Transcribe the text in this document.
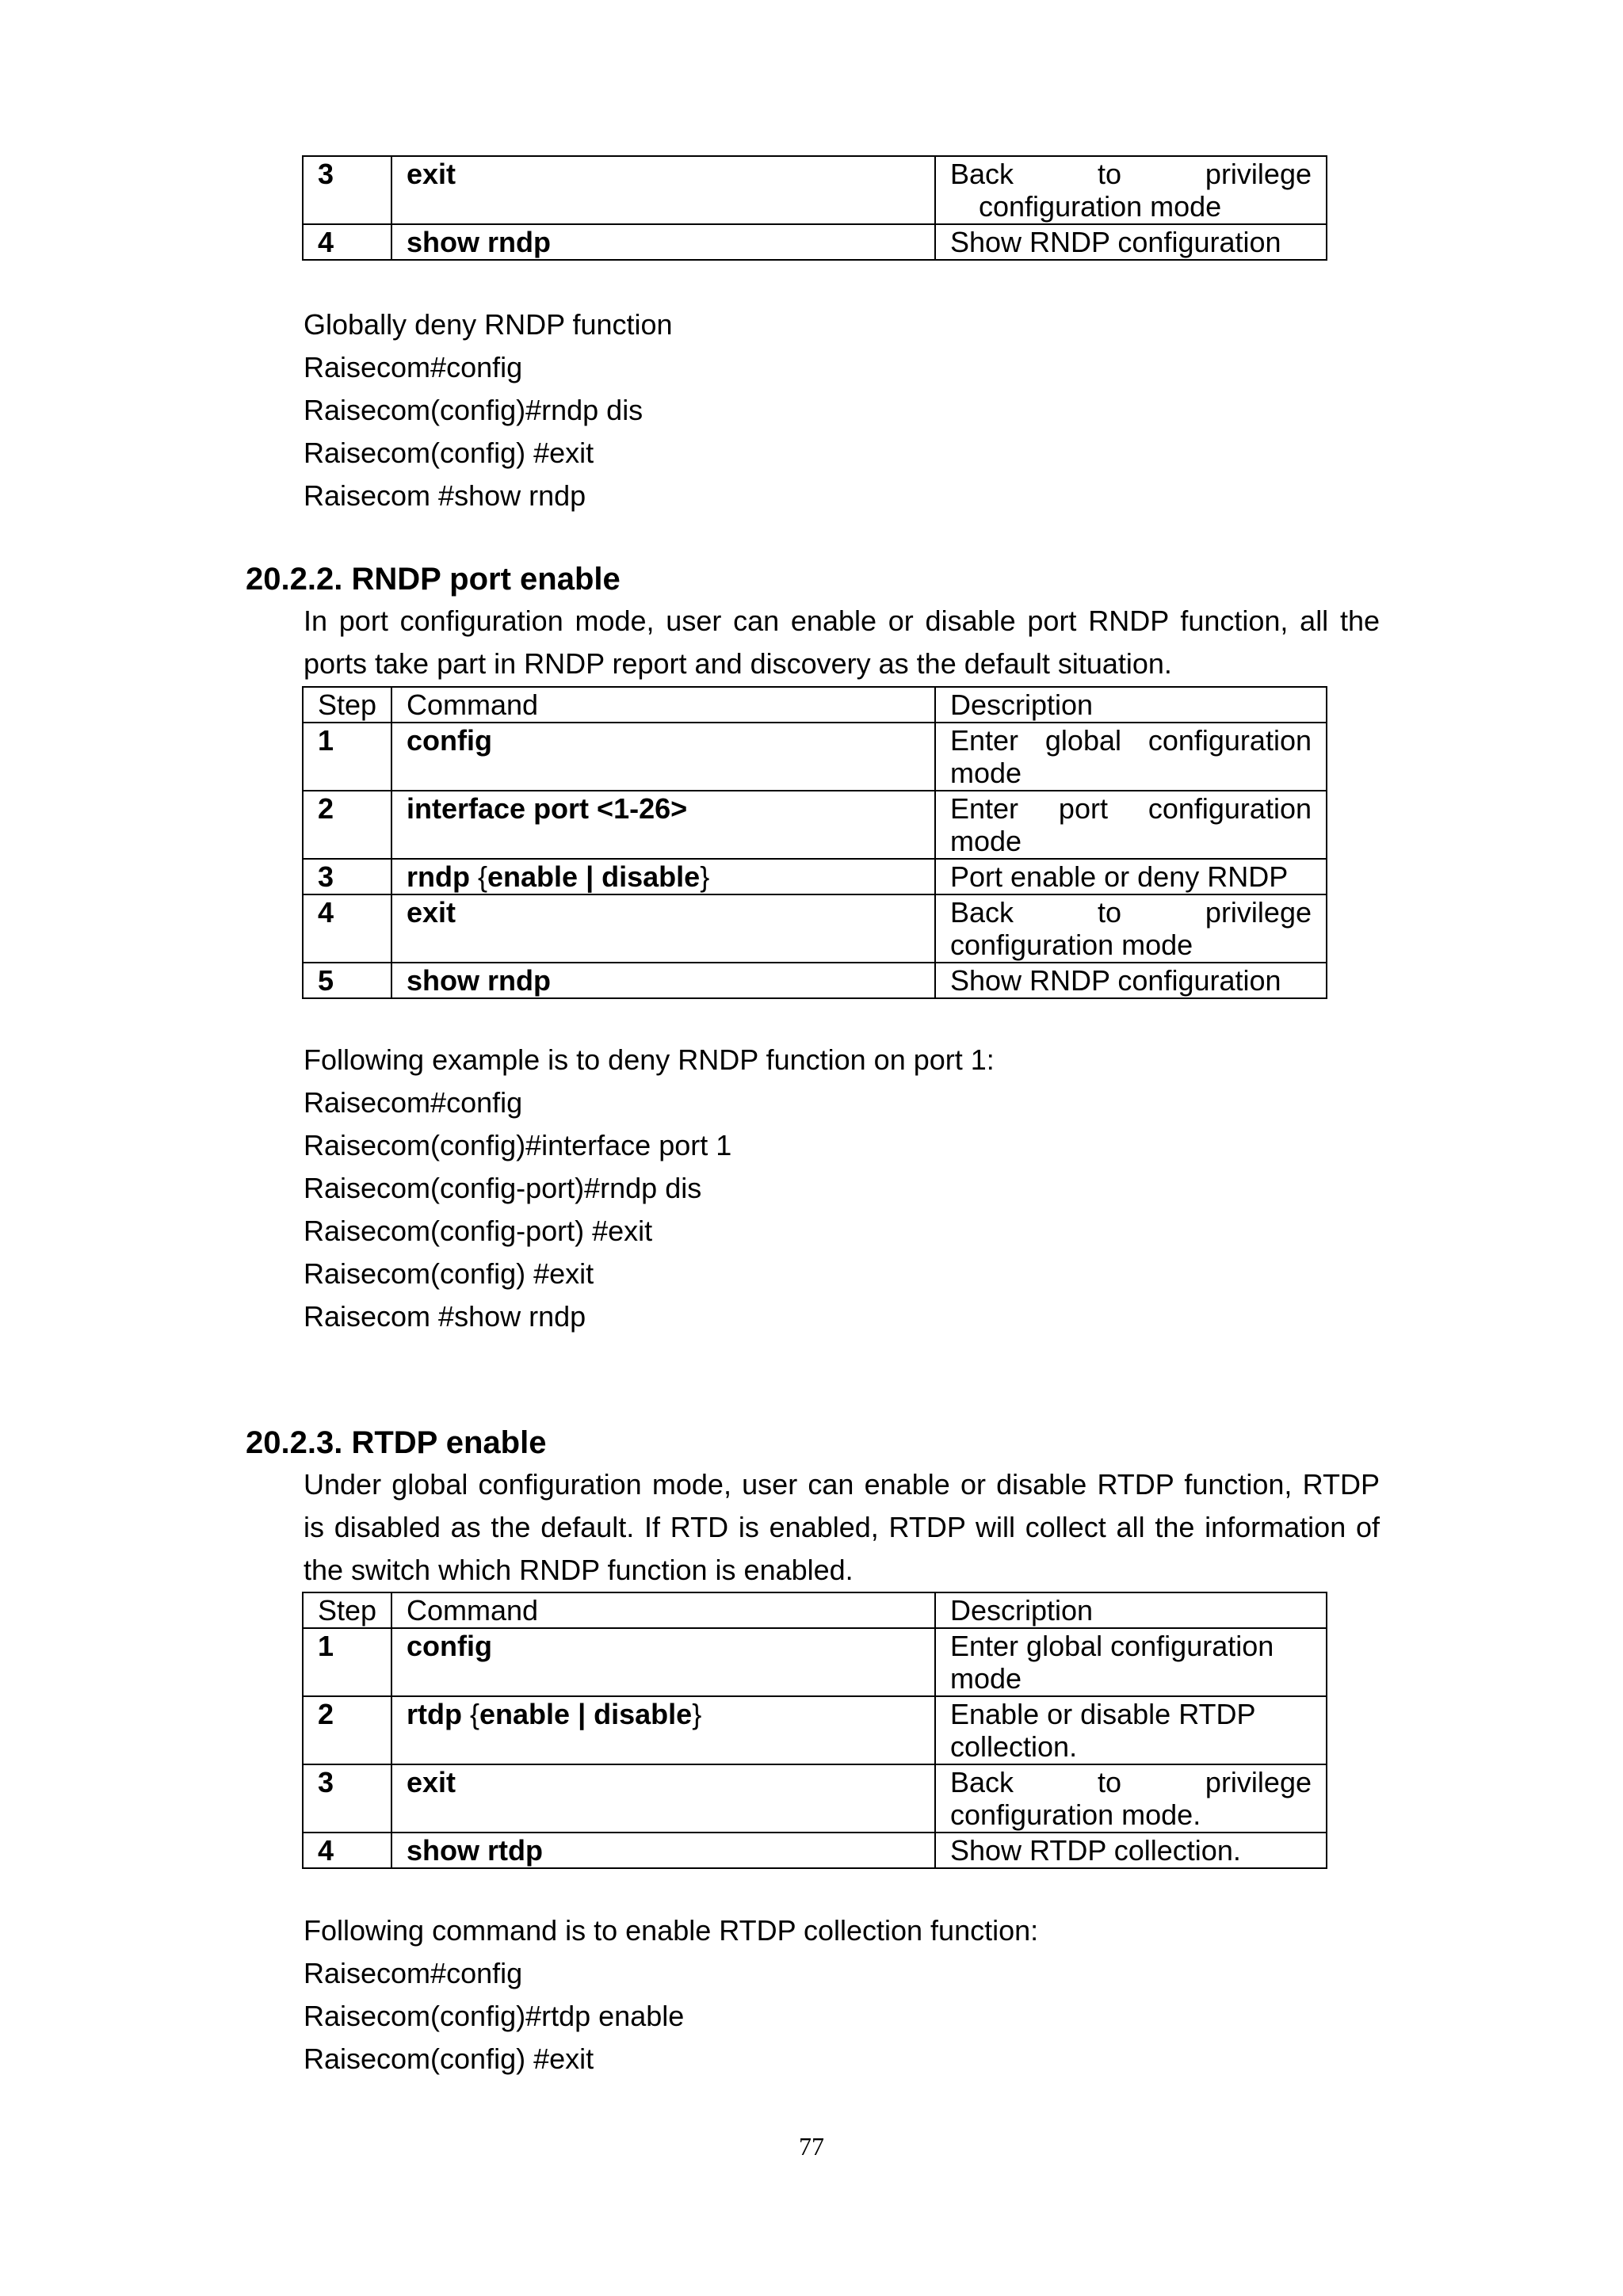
3	exit	Back to privilege
configuration mode

4	show rndp	Show RNDP configuration
Globally deny RNDP function
Raisecom#config
Raisecom(config)#rndp dis
Raisecom(config) #exit
Raisecom #show rndp
20.2.2. RNDP port enable

In port configuration mode, user can enable or disable port RNDP function, all the ports take part in RNDP report and discovery as the default situation.

Step	Command	Description
1	config	Enter global configuration
mode

2	interface port <1-26>	Enter port configuration
mode

3	rndp {enable | disable}	Port enable or deny RNDP
4	exit	Back to privilege
configuration mode

5	show rndp	Show RNDP configuration
Following example is to deny RNDP function on port 1:
Raisecom#config
Raisecom(config)#interface port 1
Raisecom(config-port)#rndp dis
Raisecom(config-port) #exit
Raisecom(config) #exit
Raisecom #show rndp
20.2.3. RTDP enable

Under global configuration mode, user can enable or disable RTDP function, RTDP is disabled as the default. If RTD is enabled, RTDP will collect all the information of the switch which RNDP function is enabled.

Step	Command	Description
1	config	Enter global configuration
mode

2	rtdp {enable | disable}	Enable or disable RTDP
collection.

3	exit	Back to privilege
configuration mode.

4	show rtdp	Show RTDP collection.
Following command is to enable RTDP collection function:
Raisecom#config
Raisecom(config)#rtdp enable
Raisecom(config) #exit
77
